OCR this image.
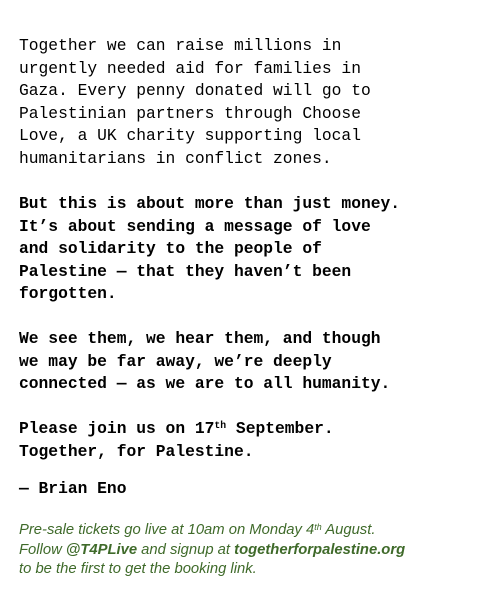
Together we can raise millions in
urgently needed aid for families in
Gaza. Every penny donated will go to
Palestinian partners through Choose
Love, a UK charity supporting local
humanitarians in conflict zones.

But this is about more than just money.
It’s about sending a message of love
and solidarity to the people of
Palestine — that they haven’t been
forgotten.

We see them, we hear them, and though
we may be far away, we’re deeply
connected — as we are to all humanity.

Please join us on 17th September.
Together, for Palestine.

— Brian Eno

Pre-sale tickets go live at 10am on Monday 4th August.
Follow @T4PLive and signup at togetherforpalestine.org
to be the first to get the booking link.
